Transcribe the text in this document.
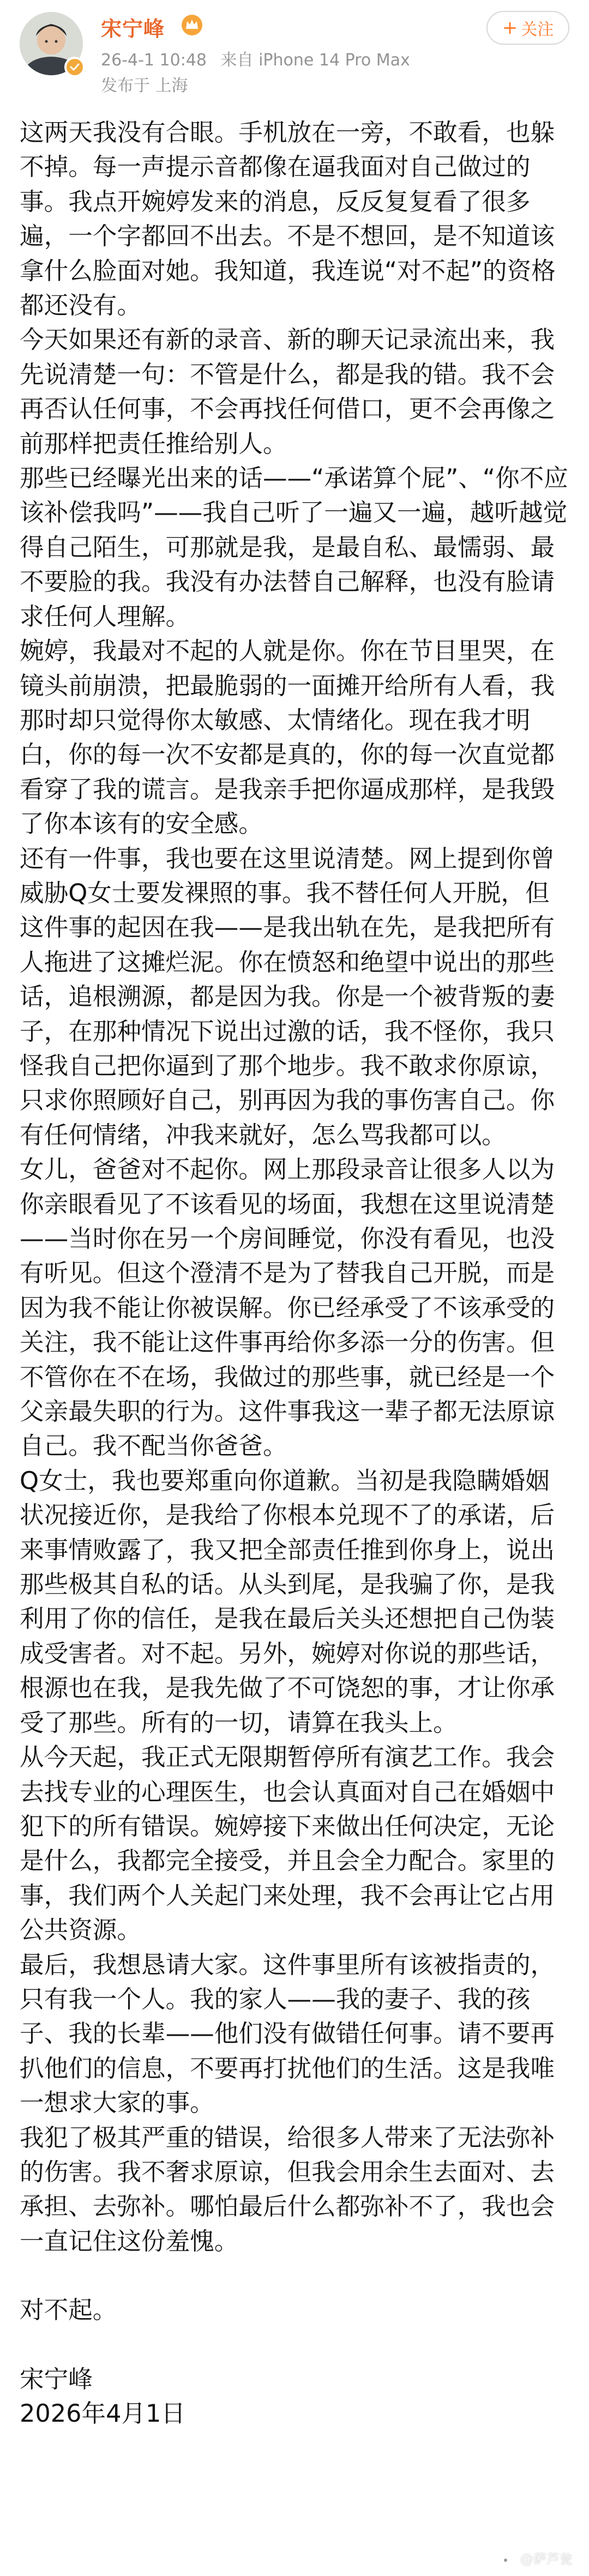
宋宁峰
26-4-1 10:48 来自 iPhone 14 Pro Max
发布于 上海
+ 关注

这两天我没有合眼。手机放在一旁，不敢看，也躲不掉。每一声提示音都像在逼我面对自己做过的事。我点开婉婷发来的消息，反反复复看了很多遍，一个字都回不出去。不是不想回，是不知道该拿什么脸面对她。我知道，我连说“对不起”的资格都还没有。

今天如果还有新的录音、新的聊天记录流出来，我先说清楚一句：不管是什么，都是我的错。我不会再否认任何事，不会再找任何借口，更不会再像之前那样把责任推给别人。

那些已经曝光出来的话——“承诺算个屁”、“你不应该补偿我吗”——我自己听了一遍又一遍，越听越觉得自己陌生，可那就是我，是最自私、最懦弱、最不要脸的我。我没有办法替自己解释，也没有脸请求任何人理解。

婉婷，我最对不起的人就是你。你在节目里哭，在镜头前崩溃，把最脆弱的一面摊开给所有人看，我那时却只觉得你太敏感、太情绪化。现在我才明白，你的每一次不安都是真的，你的每一次直觉都看穿了我的谎言。是我亲手把你逼成那样，是我毁了你本该有的安全感。

还有一件事，我也要在这里说清楚。网上提到你曾威胁Q女士要发裸照的事。我不替任何人开脱，但这件事的起因在我——是我出轨在先，是我把所有人拖进了这摊烂泥。你在愤怒和绝望中说出的那些话，追根溯源，都是因为我。你是一个被背叛的妻子，在那种情况下说出过激的话，我不怪你，我只怪我自己把你逼到了那个地步。我不敢求你原谅，只求你照顾好自己，别再因为我的事伤害自己。你有任何情绪，冲我来就好，怎么骂我都可以。

女儿，爸爸对不起你。网上那段录音让很多人以为你亲眼看见了不该看见的场面，我想在这里说清楚——当时你在另一个房间睡觉，你没有看见，也没有听见。但这个澄清不是为了替我自己开脱，而是因为我不能让你被误解。你已经承受了不该承受的关注，我不能让这件事再给你多添一分的伤害。但不管你在不在场，我做过的那些事，就已经是一个父亲最失职的行为。这件事我这一辈子都无法原谅自己。我不配当你爸爸。

Q女士，我也要郑重向你道歉。当初是我隐瞒婚姻状况接近你，是我给了你根本兑现不了的承诺，后来事情败露了，我又把全部责任推到你身上，说出那些极其自私的话。从头到尾，是我骗了你，是我利用了你的信任，是我在最后关头还想把自己伪装成受害者。对不起。另外，婉婷对你说的那些话，根源也在我，是我先做了不可饶恕的事，才让你承受了那些。所有的一切，请算在我头上。

从今天起，我正式无限期暂停所有演艺工作。我会去找专业的心理医生，也会认真面对自己在婚姻中犯下的所有错误。婉婷接下来做出任何决定，无论是什么，我都完全接受，并且会全力配合。家里的事，我们两个人关起门来处理，我不会再让它占用公共资源。

最后，我想恳请大家。这件事里所有该被指责的，只有我一个人。我的家人——我的妻子、我的孩子、我的长辈——他们没有做错任何事。请不要再扒他们的信息，不要再打扰他们的生活。这是我唯一想求大家的事。

我犯了极其严重的错误，给很多人带来了无法弥补的伤害。我不奢求原谅，但我会用余生去面对、去承担、去弥补。哪怕最后什么都弥补不了，我也会一直记住这份羞愧。

对不起。

宋宁峰

2026年4月1日

@萨芦瓮
